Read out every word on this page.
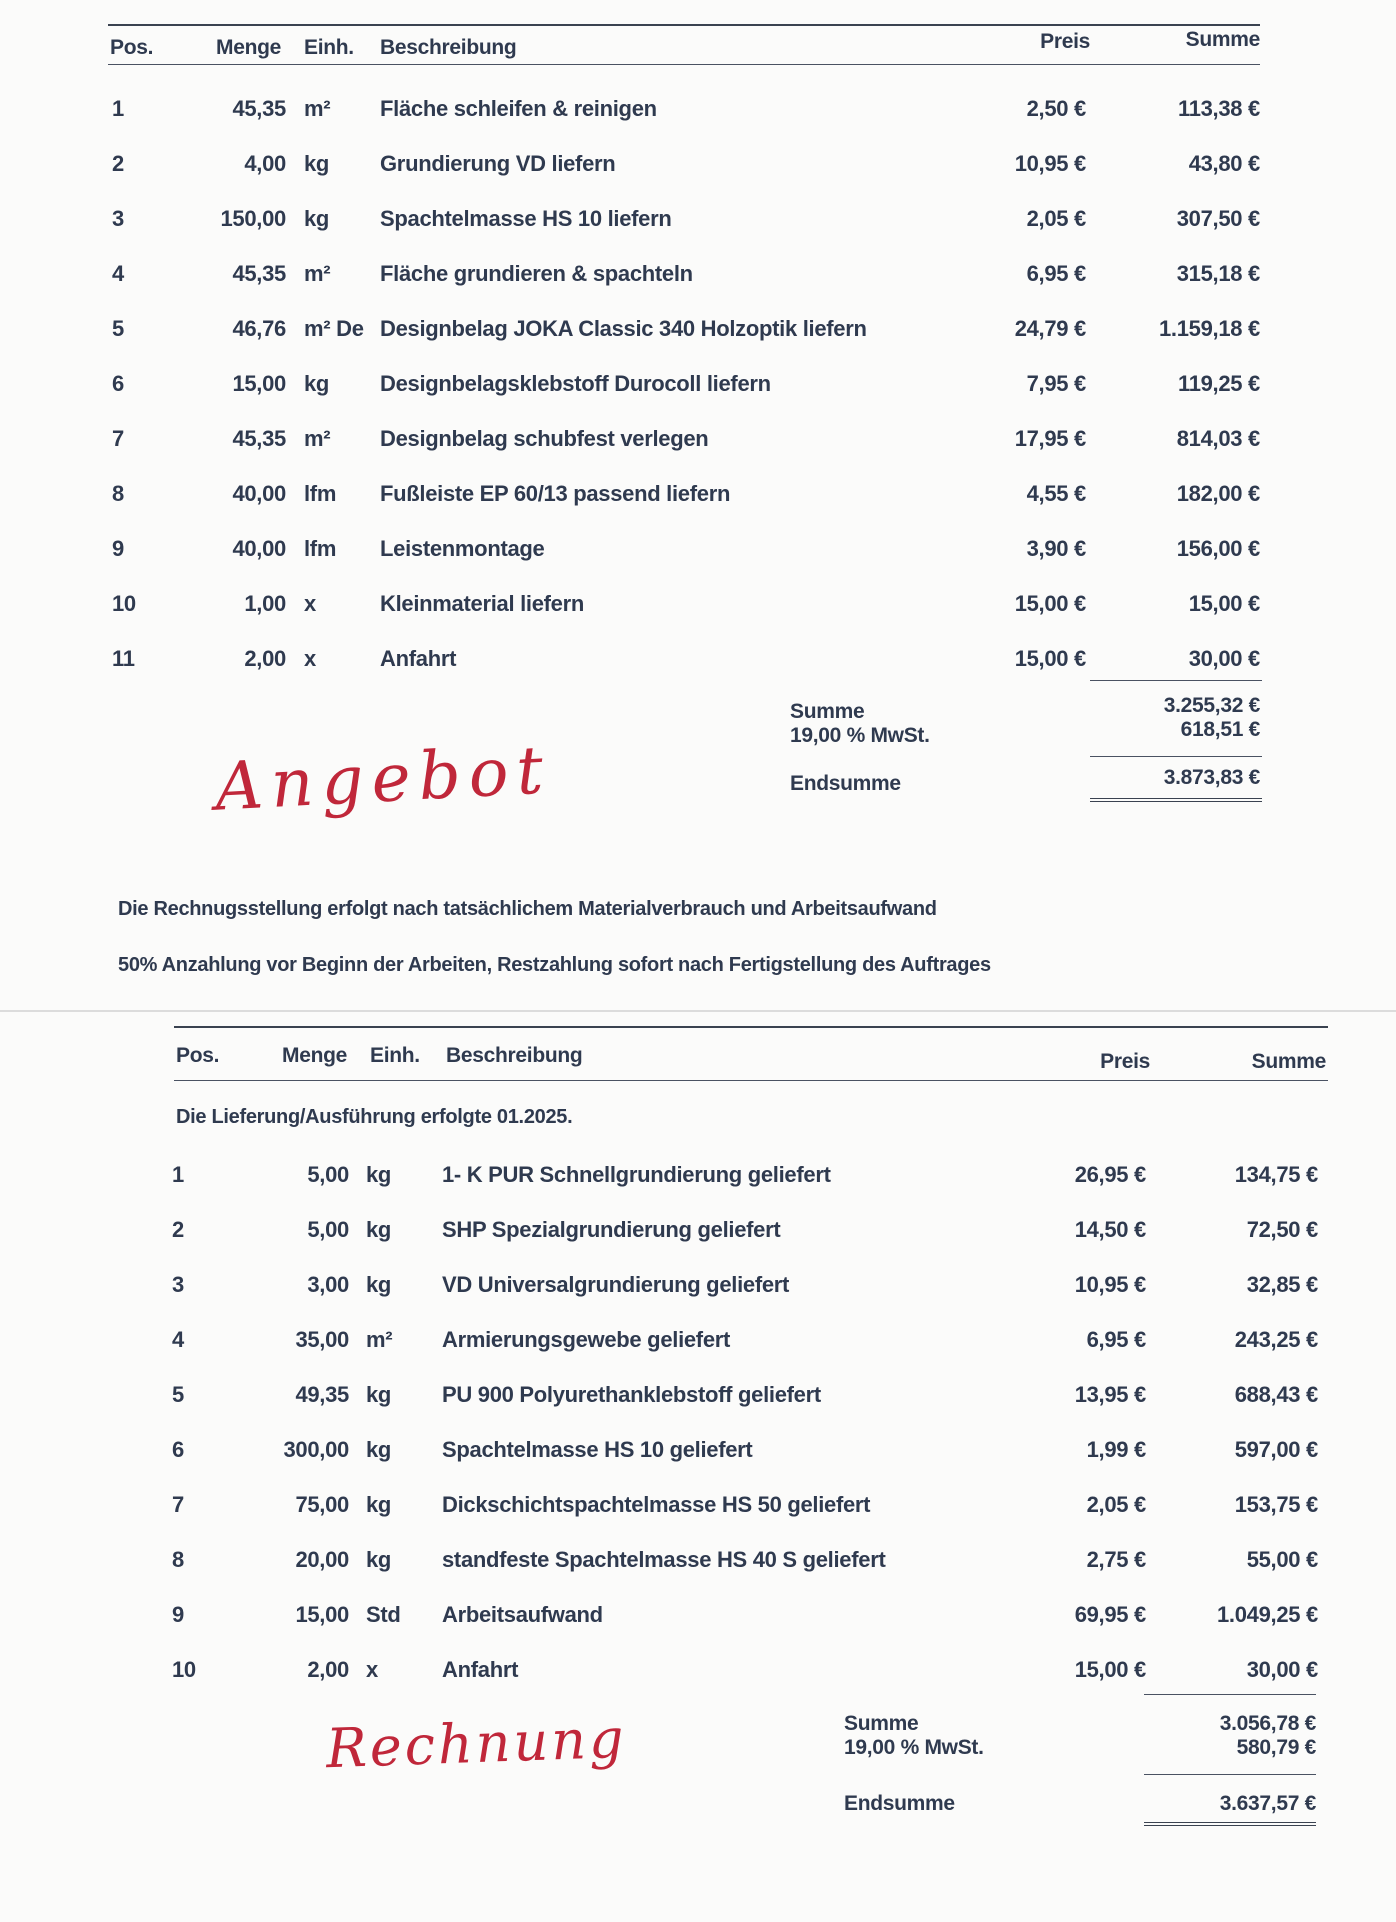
Pos.	Menge Einh. Beschreibung	Preis	Summe
1	45,35 m² Fläche schleifen & reinigen	2,50 €	113,38 €
2	4,00 kg Grundierung VD liefern	10,95 €	43,80 €
3	150,00 kg Spachtelmasse HS 10 liefern	2,05 €	307,50 €
4	45,35 m² Fläche grundieren & spachteln	6,95 €	315,18 €
5	46,76 m² De Designbelag JOKA Classic 340 Holzoptik liefern	24,79 €	1.159,18 €
6	15,00 kg Designbelagsklebstoff Durocoll liefern	7,95 €	119,25 €
7	45,35 m² Designbelag schubfest verlegen	17,95 €	814,03 €
8	40,00 lfm Fußleiste EP 60/13 passend liefern	4,55 €	182,00 €
9	40,00 lfm Leistenmontage	3,90 €	156,00 €
10	1,00 x	Kleinmaterial liefern	15,00 €	15,00 €
11	2,00 x	Anfahrt	15,00 €	30,00 €
Summe	3.255,32 €
19,00 % MwSt.	618,51 €
Endsumme	3.873,83 €
Angebot
Die Rechnugsstellung erfolgt nach tatsächlichem Materialverbrauch und Arbeitsaufwand
50% Anzahlung vor Beginn der Arbeiten, Restzahlung sofort nach Fertigstellung des Auftrages
Pos.	Menge Einh. Beschreibung	Preis	Summe
Die Lieferung/Ausführung erfolgte 01.2025.
1	5,00 kg 1- K PUR Schnellgrundierung geliefert	26,95 €	134,75 €
2	5,00 kg SHP Spezialgrundierung geliefert	14,50 €	72,50 €
3	3,00 kg VD Universalgrundierung geliefert	10,95 €	32,85 €
4	35,00 m² Armierungsgewebe geliefert	6,95 €	243,25 €
5	49,35 kg PU 900 Polyurethanklebstoff geliefert	13,95 €	688,43 €
6	300,00 kg Spachtelmasse HS 10 geliefert	1,99 €	597,00 €
7	75,00 kg Dickschichtspachtelmasse HS 50 geliefert	2,05 €	153,75 €
8	20,00 kg standfeste Spachtelmasse HS 40 S geliefert	2,75 €	55,00 €
9	15,00 Std Arbeitsaufwand	69,95 €	1.049,25 €
10	2,00 x	Anfahrt	15,00 €	30,00 €
Summe	3.056,78 €
19,00 % MwSt.	580,79 €
Endsumme	3.637,57 €
Rechnung
